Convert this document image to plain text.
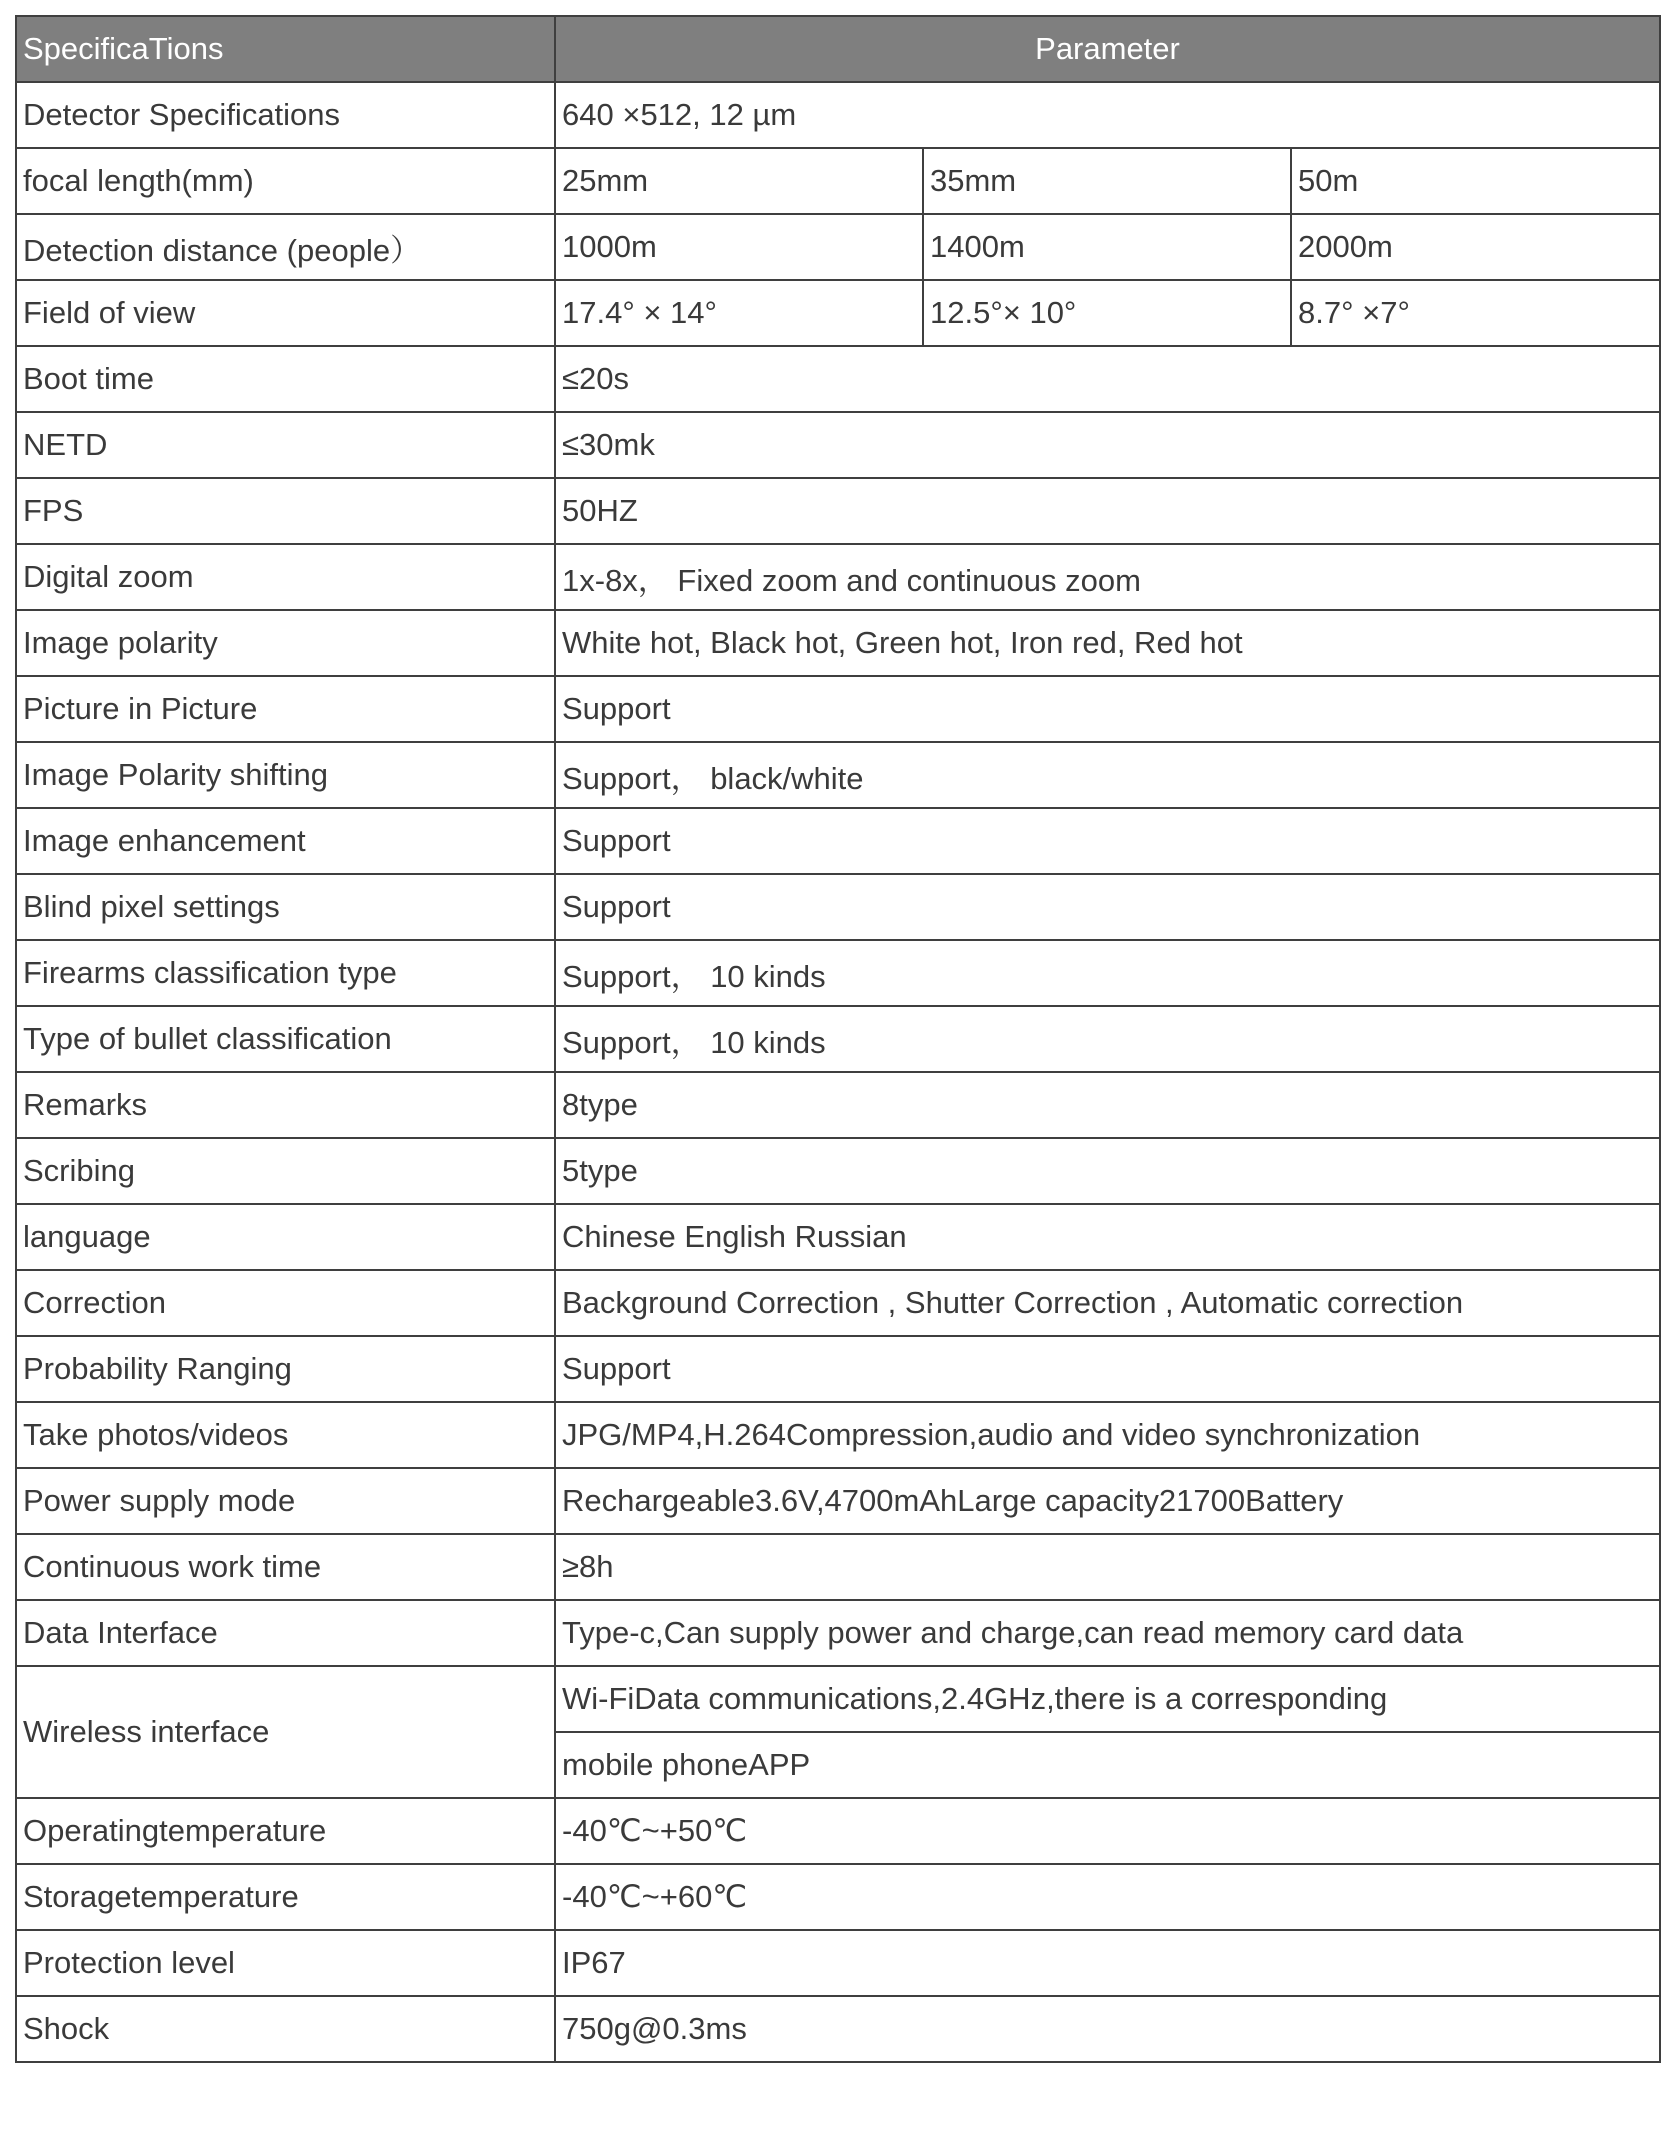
SpecificaTions	Parameter		
Detector Specifications	640 ×512, 12 µm		
focal length(mm)	25mm	35mm	50m
Detection distance (people）	1000m	1400m	2000m
Field of view	17.4° × 14°	12.5°× 10°	8.7° ×7°
Boot time	≤20s		
NETD	≤30mk		
FPS	50HZ		
Digital zoom	1x-8x， Fixed zoom and continuous zoom		
Image polarity	White hot, Black hot, Green hot, Iron red, Red hot		
Picture in Picture	Support		
Image Polarity shifting	Support， black/white		
Image enhancement	Support		
Blind pixel settings	Support		
Firearms classification type	Support， 10 kinds		
Type of bullet classification	Support， 10 kinds		
Remarks	8type		
Scribing	5type		
language	Chinese English Russian		
Correction	Background Correction , Shutter Correction , Automatic correction		
Probability Ranging	Support		
Take photos/videos	JPG/MP4,H.264Compression,audio and video synchronization		
Power supply mode	Rechargeable3.6V,4700mAhLarge capacity21700Battery		
Continuous work time	≥8h		
Data Interface	Type-c,Can supply power and charge,can read memory card data		
Wireless interface	Wi-FiData communications,2.4GHz,there is a corresponding		
	mobile phoneAPP		
Operatingtemperature	-40℃~+50℃		
Storagetemperature	-40℃~+60℃		
Protection level	IP67		
Shock	750g@0.3ms		
